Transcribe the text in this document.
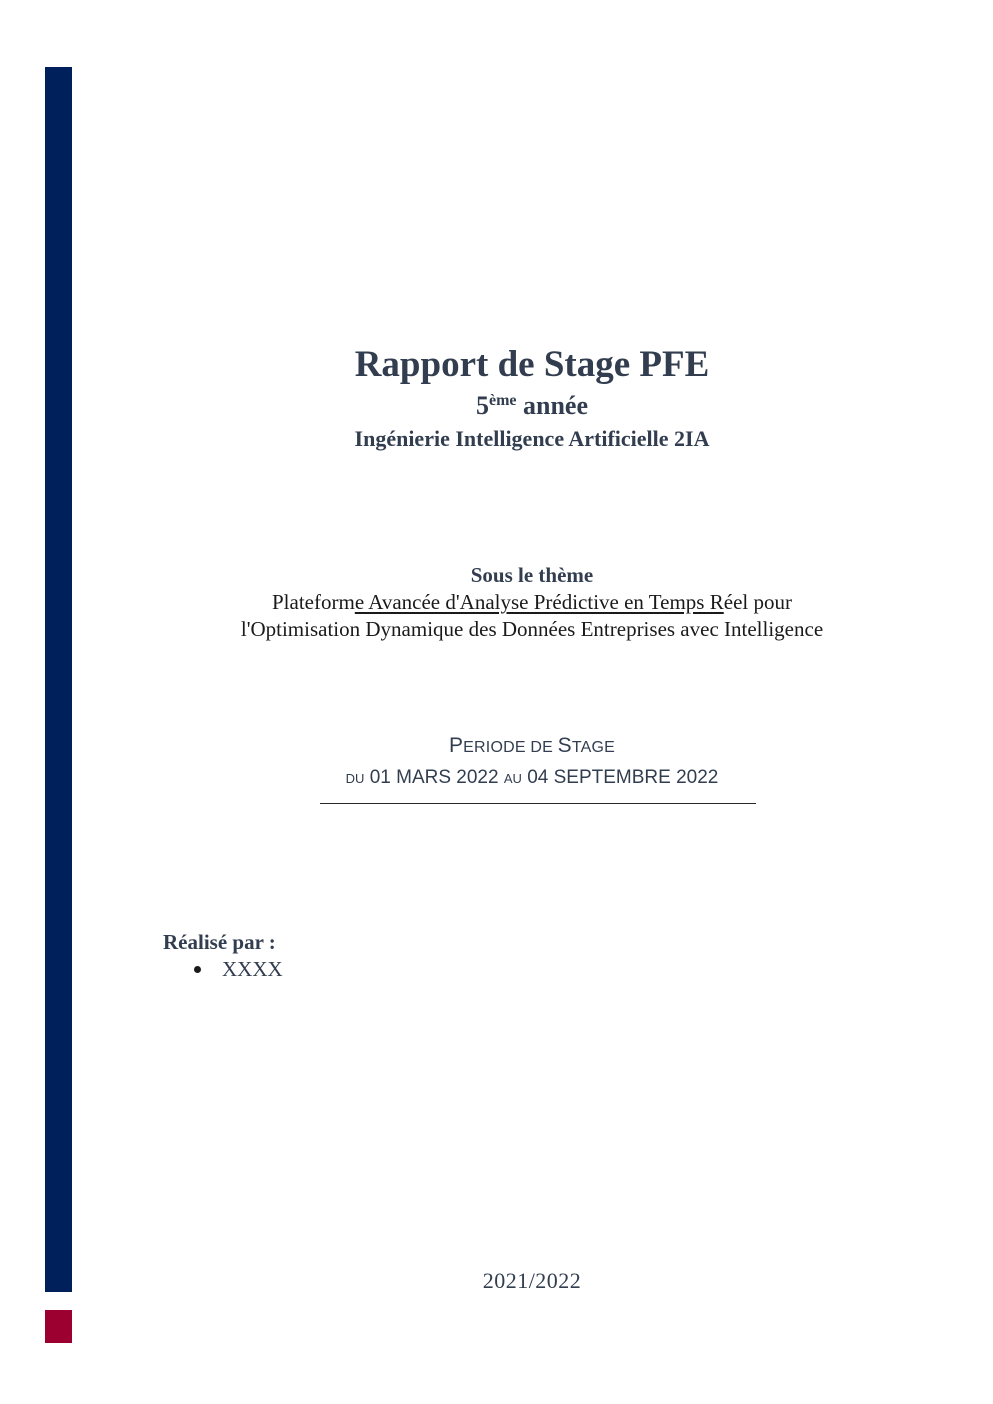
Rapport de Stage PFE
5ème année
Ingénierie Intelligence Artificielle 2IA
Sous le thème
Plateforme Avancée d'Analyse Prédictive en Temps Réel pour
l'Optimisation Dynamique des Données Entreprises avec Intelligence
PERIODE DE STAGE
DU 01 MARS 2022 AU 04 SEPTEMBRE 2022
Réalisé par :
XXXX
2021/2022
